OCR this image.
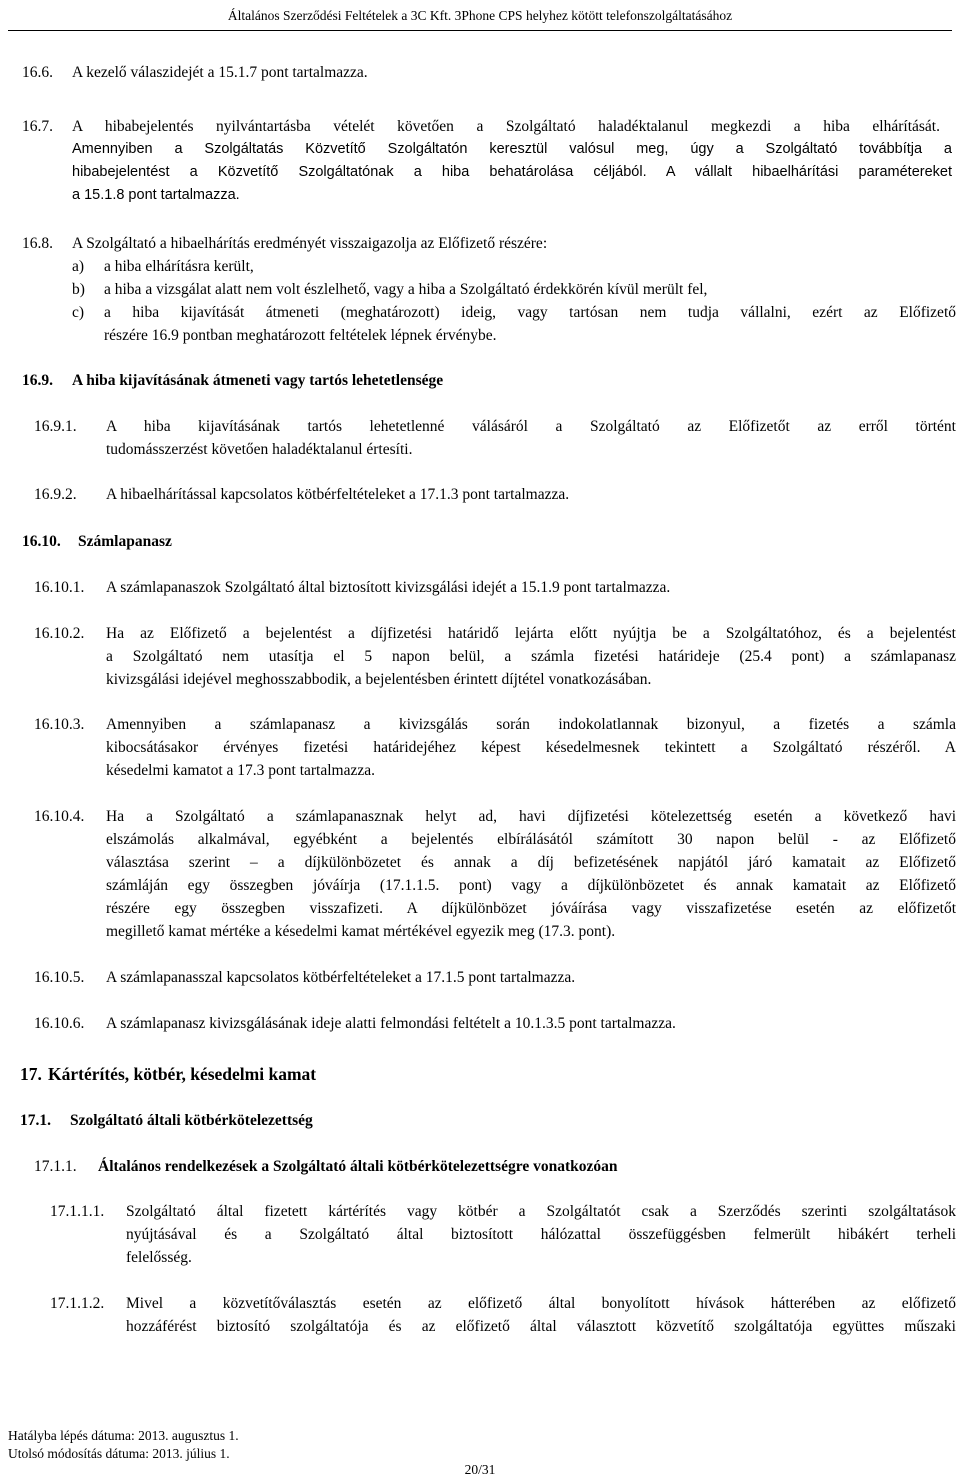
Általános Szerződési Feltételek a 3C Kft. 3Phone CPS helyhez kötött telefonszolgáltatásához
16.6. A kezelő válaszidejét a 15.1.7 pont tartalmazza.
16.7. A hibabejelentés nyilvántartásba vételét követően a Szolgáltató haladéktalanul megkezdi a hiba elhárítását.
Amennyiben a Szolgáltatás Közvetítő Szolgáltatón keresztül valósul meg, úgy a Szolgáltató továbbítja a
hibabejelentést a Közvetítő Szolgáltatónak a hiba behatárolása céljából. A vállalt hibaelhárítási paramétereket
a 15.1.8 pont tartalmazza.
16.8. A Szolgáltató a hibaelhárítás eredményét visszaigazolja az Előfizető részére:
a) a hiba elhárításra került,
b) a hiba a vizsgálat alatt nem volt észlelhető, vagy a hiba a Szolgáltató érdekkörén kívül merült fel,
c) a hiba kijavítását átmeneti (meghatározott) ideig, vagy tartósan nem tudja vállalni, ezért az Előfizető
részére 16.9 pontban meghatározott feltételek lépnek érvénybe.
16.9. A hiba kijavításának átmeneti vagy tartós lehetetlensége
16.9.1. A hiba kijavításának tartós lehetetlenné válásáról a Szolgáltató az Előfizetőt az erről történt
tudomásszerzést követően haladéktalanul értesíti.
16.9.2. A hibaelhárítással kapcsolatos kötbérfeltételeket a 17.1.3 pont tartalmazza.
16.10. Számlapanasz
16.10.1. A számlapanaszok Szolgáltató által biztosított kivizsgálási idejét a 15.1.9 pont tartalmazza.
16.10.2. Ha az Előfizető a bejelentést a díjfizetési határidő lejárta előtt nyújtja be a Szolgáltatóhoz, és a bejelentést
a Szolgáltató nem utasítja el 5 napon belül, a számla fizetési határideje (25.4 pont) a számlapanasz
kivizsgálási idejével meghosszabbodik, a bejelentésben érintett díjtétel vonatkozásában.
16.10.3. Amennyiben a számlapanasz a kivizsgálás során indokolatlannak bizonyul, a fizetés a számla
kibocsátásakor érvényes fizetési határidejéhez képest késedelmesnek tekintett a Szolgáltató részéről. A
késedelmi kamatot a 17.3 pont tartalmazza.
16.10.4. Ha a Szolgáltató a számlapanasznak helyt ad, havi díjfizetési kötelezettség esetén a következő havi
elszámolás alkalmával, egyébként a bejelentés elbírálásától számított 30 napon belül - az Előfizető
választása szerint – a díjkülönbözetet és annak a díj befizetésének napjától járó kamatait az Előfizető
számláján egy összegben jóváírja (17.1.1.5. pont) vagy a díjkülönbözetet és annak kamatait az Előfizető
részére egy összegben visszafizeti. A díjkülönbözet jóváírása vagy visszafizetése esetén az előfizetőt
megillető kamat mértéke a késedelmi kamat mértékével egyezik meg (17.3. pont).
16.10.5. A számlapanasszal kapcsolatos kötbérfeltételeket a 17.1.5 pont tartalmazza.
16.10.6. A számlapanasz kivizsgálásának ideje alatti felmondási feltételt a 10.1.3.5 pont tartalmazza.
17. Kártérítés, kötbér, késedelmi kamat
17.1. Szolgáltató általi kötbérkötelezettség
17.1.1. Általános rendelkezések a Szolgáltató általi kötbérkötelezettségre vonatkozóan
17.1.1.1. Szolgáltató által fizetett kártérítés vagy kötbér a Szolgáltatót csak a Szerződés szerinti szolgáltatások
nyújtásával és a Szolgáltató által biztosított hálózattal összefüggésben felmerült hibákért terheli
felelősség.
17.1.1.2. Mivel a közvetítőválasztás esetén az előfizető által bonyolított hívások hátterében az előfizető
hozzáférést biztosító szolgáltatója és az előfizető által választott közvetítő szolgáltatója együttes műszaki
Hatályba lépés dátuma: 2013. augusztus 1.
Utolsó módosítás dátuma: 2013. július 1.
20/31
